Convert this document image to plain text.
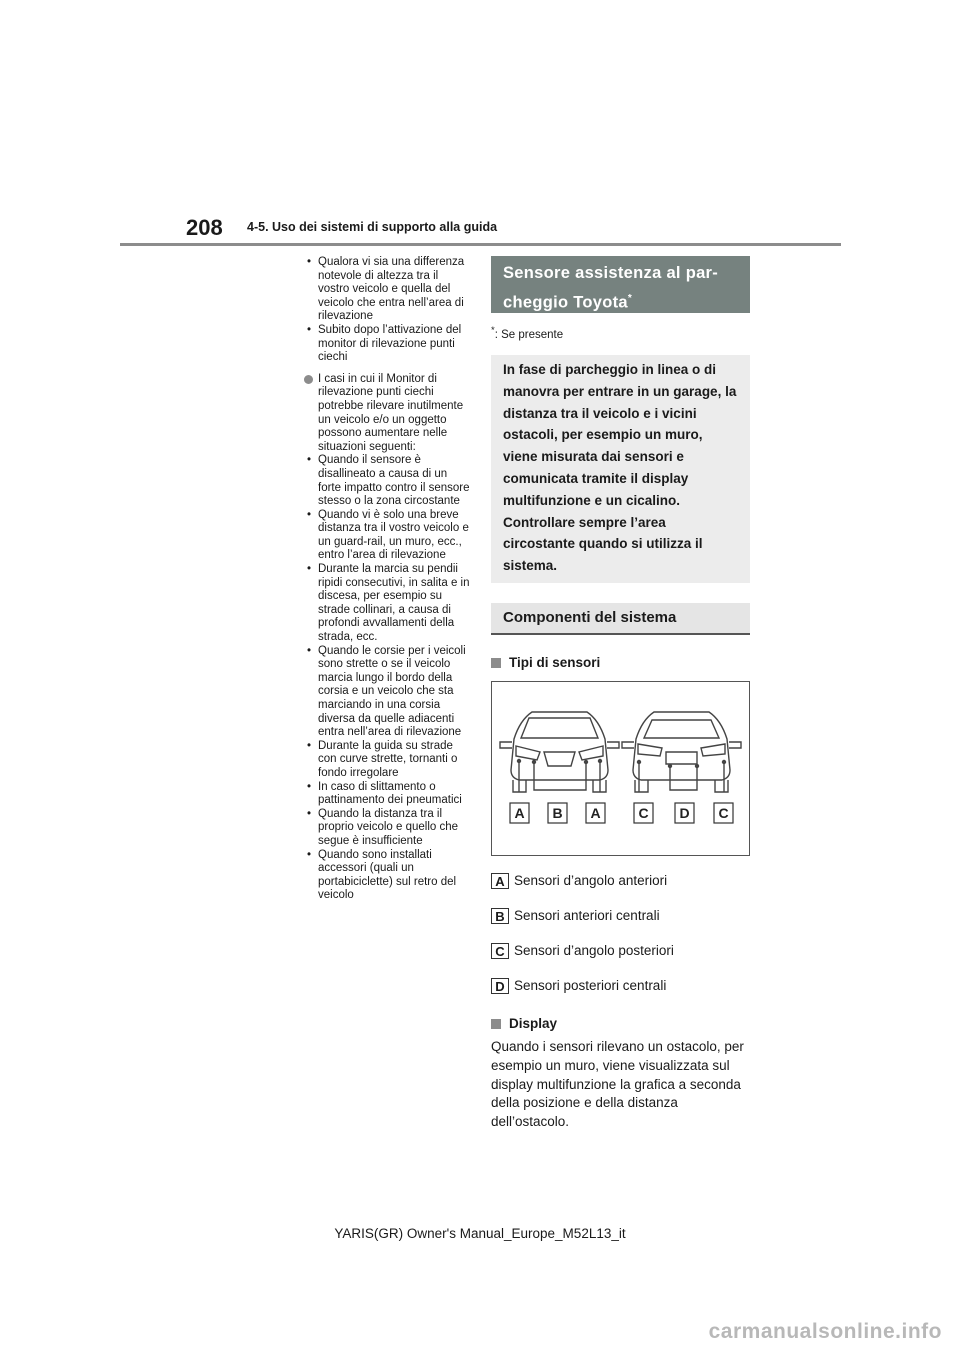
208 4-5. Uso dei sistemi di supporto alla guida
• Qualora vi sia una differenza notevole di altezza tra il vostro veicolo e quella del veicolo che entra nell’area di rilevazione
• Subito dopo l’attivazione del monitor di rilevazione punti ciechi
I casi in cui il Monitor di rilevazione punti ciechi potrebbe rilevare inutilmente un veicolo e/o un oggetto possono aumentare nelle situazioni seguenti:
• Quando il sensore è disallineato a causa di un forte impatto contro il sensore stesso o la zona circostante
• Quando vi è solo una breve distanza tra il vostro veicolo e un guard-rail, un muro, ecc., entro l’area di rilevazione
• Durante la marcia su pendii ripidi consecutivi, in salita e in discesa, per esempio su strade collinari, a causa di profondi avvallamenti della strada, ecc.
• Quando le corsie per i veicoli sono strette o se il veicolo marcia lungo il bordo della corsia e un veicolo che sta marciando in una corsia diversa da quelle adiacenti entra nell’area di rilevazione
• Durante la guida su strade con curve strette, tornanti o fondo irregolare
• In caso di slittamento o pattinamento dei pneumatici
• Quando la distanza tra il proprio veicolo e quello che segue è insufficiente
• Quando sono installati accessori (quali un portabiciclette) sul retro del veicolo
Sensore assistenza al par-
cheggio Toyota*
*: Se presente
In fase di parcheggio in linea o di manovra per entrare in un garage, la distanza tra il veicolo e i vicini ostacoli, per esempio un muro, viene misurata dai sensori e comunicata tramite il display multifunzione e un cicalino. Controllare sempre l’area circostante quando si utilizza il sistema.
Componenti del sistema
Tipi di sensori
A B A	C D C
A Sensori d’angolo anteriori
B Sensori anteriori centrali
C Sensori d’angolo posteriori
D Sensori posteriori centrali
Display
Quando i sensori rilevano un ostacolo, per esempio un muro, viene visualizzata sul display multifunzione la grafica a seconda della posizione e della distanza dell’ostacolo.
YARIS(GR) Owner's Manual_Europe_M52L13_it
carmanualsonline.info
